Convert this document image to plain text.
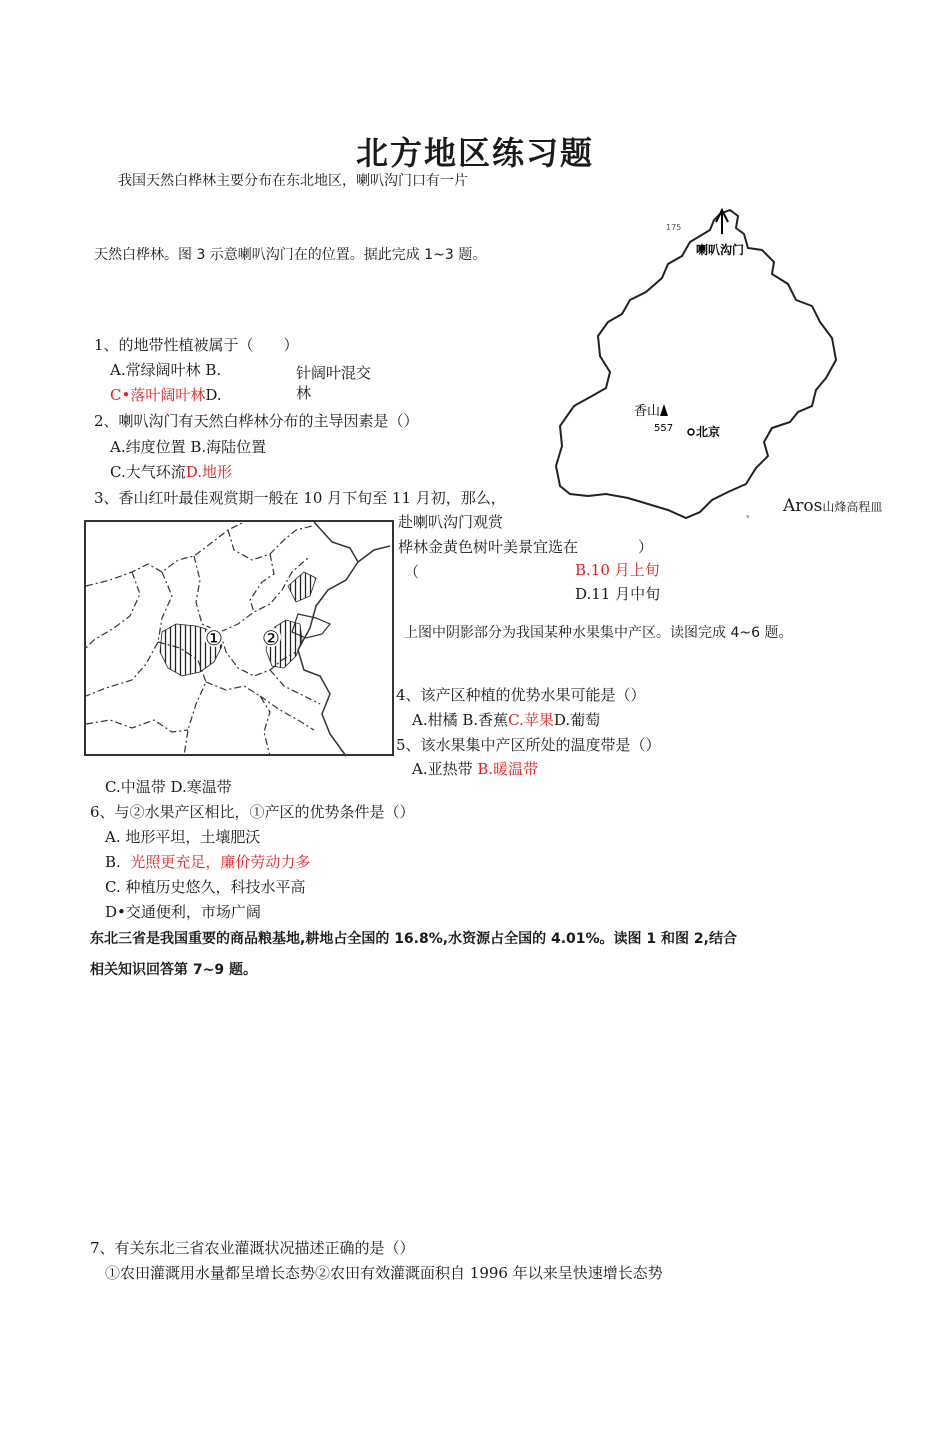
北方地区练习题
我国天然白桦林主要分布在东北地区，喇叭沟门口有一片
天然白桦林。图 3 示意喇叭沟门在的位置。据此完成 1~3 题。
175
喇叭沟门
香山
557 北京
▾
Aros山烽高程皿
1、的地带性植被属于（　　）
A.常绿阔叶林 B.	针阔叶混交
林
C•落叶阔叶林D.
2、喇叭沟门有天然白桦林分布的主导因素是（）
A.纬度位置 B.海陆位置
C.大气环流D.地形
3、香山红叶最佳观赏期一般在 10 月下旬至 11 月初，那么，
赴喇叭沟门观赏
桦林金黄色树叶美景宜选在　　　　）
（	B.10 月上旬
D.11 月中旬
① ②	上图中阴影部分为我国某种水果集中产区。读图完成 4~6 题。
4、该产区种植的优势水果可能是（）
A.柑橘 B.香蕉C.苹果D.葡萄
5、该水果集中产区所处的温度带是（）
A.亚热带 B.暖温带
C.中温带 D.寒温带
6、与②水果产区相比，①产区的优势条件是（）
A. 地形平坦，土壤肥沃
B. 光照更充足，廉价劳动力多
C. 种植历史悠久，科技水平高
D•交通便利，市场广阔
东北三省是我国重要的商品粮基地,耕地占全国的 16.8%,水资源占全国的 4.01%。读图 1 和图 2,结合
相关知识回答第 7~9 题。
7、有关东北三省农业灌溉状况描述正确的是（）
①农田灌溉用水量都呈增长态势②农田有效灌溉面积自 1996 年以来呈快速增长态势
